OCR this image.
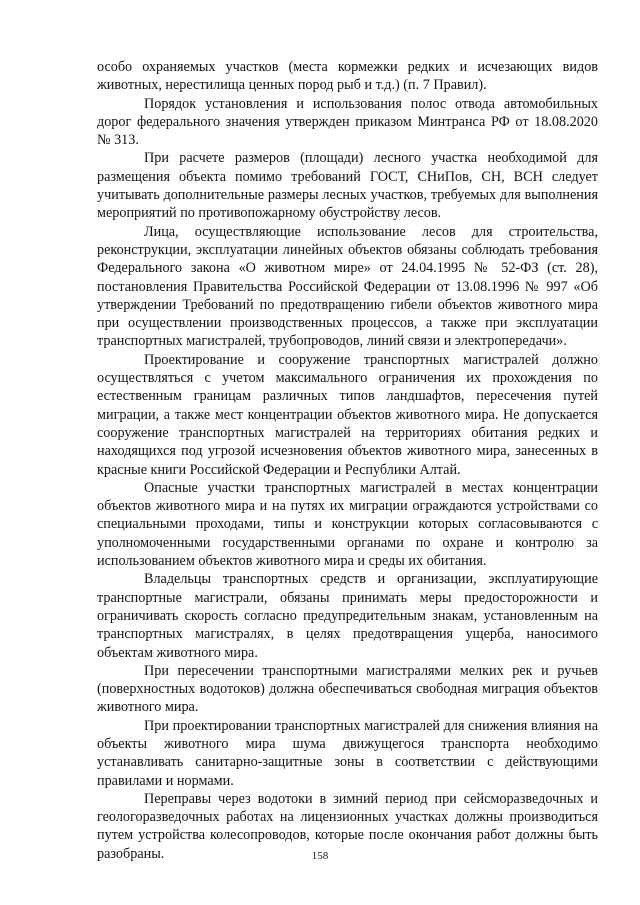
особо охраняемых участков (места кормежки редких и исчезающих видов животных, нерестилища ценных пород рыб и т.д.) (п. 7 Правил).

Порядок установления и использования полос отвода автомобильных дорог федерального значения утвержден приказом Минтранса РФ от 18.08.2020 № 313.

При расчете размеров (площади) лесного участка необходимой для размещения объекта помимо требований ГОСТ, СНиПов, СН, ВСН следует учитывать дополнительные размеры лесных участков, требуемых для выполнения мероприятий по противопожарному обустройству лесов.

Лица, осуществляющие использование лесов для строительства, реконструкции, эксплуатации линейных объектов обязаны соблюдать требования Федерального закона «О животном мире» от 24.04.1995 № 52-ФЗ (ст. 28), постановления Правительства Российской Федерации от 13.08.1996 № 997 «Об утверждении Требований по предотвращению гибели объектов животного мира при осуществлении производственных процессов, а также при эксплуатации транспортных магистралей, трубопроводов, линий связи и электропередачи».

Проектирование и сооружение транспортных магистралей должно осуществляться с учетом максимального ограничения их прохождения по естественным границам различных типов ландшафтов, пересечения путей миграции, а также мест концентрации объектов животного мира. Не допускается сооружение транспортных магистралей на территориях обитания редких и находящихся под угрозой исчезновения объектов животного мира, занесенных в красные книги Российской Федерации и Республики Алтай.

Опасные участки транспортных магистралей в местах концентрации объектов животного мира и на путях их миграции ограждаются устройствами со специальными проходами, типы и конструкции которых согласовываются с уполномоченными государственными органами по охране и контролю за использованием объектов животного мира и среды их обитания.

Владельцы транспортных средств и организации, эксплуатирующие транспортные магистрали, обязаны принимать меры предосторожности и ограничивать скорость согласно предупредительным знакам, установленным на транспортных магистралях, в целях предотвращения ущерба, наносимого объектам животного мира.

При пересечении транспортными магистралями мелких рек и ручьев (поверхностных водотоков) должна обеспечиваться свободная миграция объектов животного мира.

При проектировании транспортных магистралей для снижения влияния на объекты животного мира шума движущегося транспорта необходимо устанавливать санитарно-защитные зоны в соответствии с действующими правилами и нормами.

Переправы через водотоки в зимний период при сейсморазведочных и геологоразведочных работах на лицензионных участках должны производиться путем устройства колесопроводов, которые после окончания работ должны быть разобраны.	158
